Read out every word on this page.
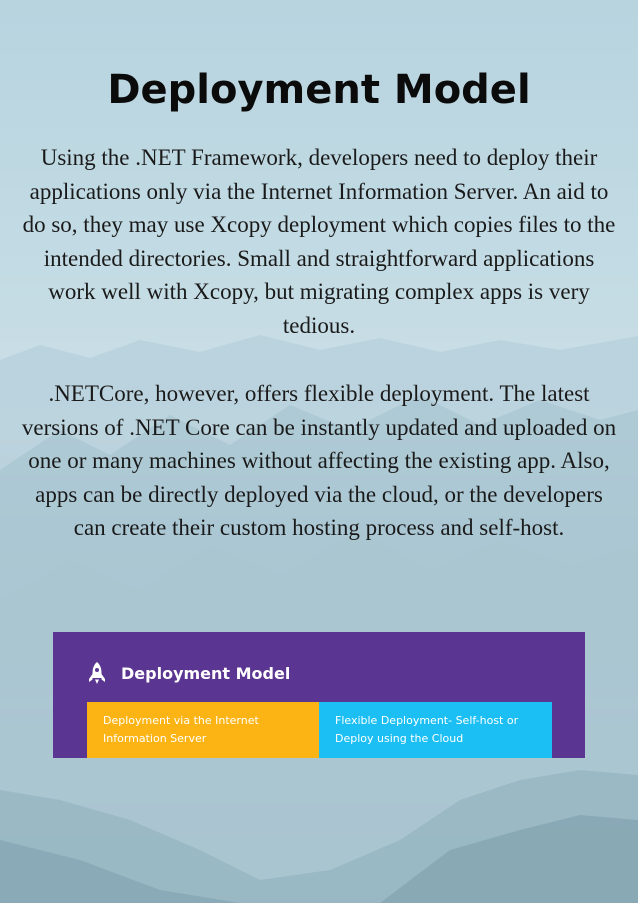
Deployment Model

Using the .NET Framework, developers need to deploy their applications only via the Internet Information Server. An aid to do so, they may use Xcopy deployment which copies files to the intended directories. Small and straightforward applications work well with Xcopy, but migrating complex apps is very tedious.

.NETCore, however, offers flexible deployment. The latest versions of .NET Core can be instantly updated and uploaded on one or many machines without affecting the existing app. Also, apps can be directly deployed via the cloud, or the developers can create their custom hosting process and self-host.

Deployment Model
Deployment via the Internet Information Server
Flexible Deployment- Self-host or Deploy using the Cloud
